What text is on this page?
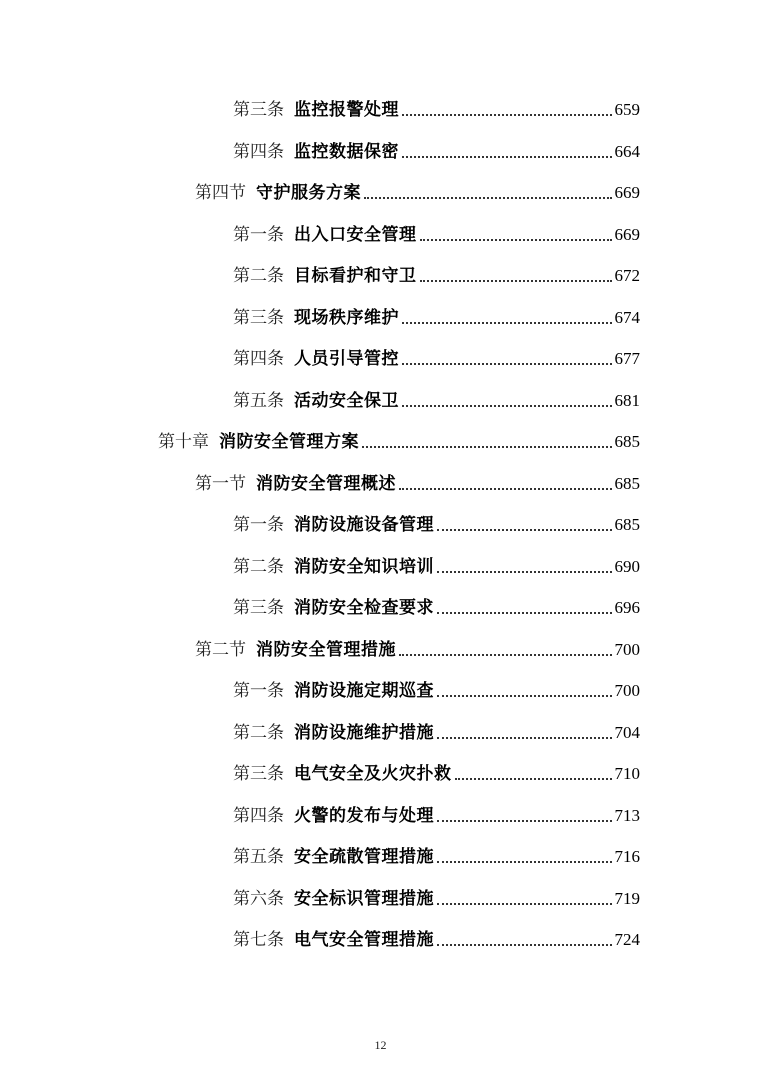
第三条 监控报警处理	659
第四条 监控数据保密	664
第四节 守护服务方案	669
第一条 出入口安全管理	669
第二条 目标看护和守卫	672
第三条 现场秩序维护	674
第四条 人员引导管控	677
第五条 活动安全保卫	681
第十章 消防安全管理方案	685
第一节 消防安全管理概述	685
第一条 消防设施设备管理	685
第二条 消防安全知识培训	690
第三条 消防安全检查要求	696
第二节 消防安全管理措施	700
第一条 消防设施定期巡查	700
第二条 消防设施维护措施	704
第三条 电气安全及火灾扑救	710
第四条 火警的发布与处理	713
第五条 安全疏散管理措施	716
第六条 安全标识管理措施	719
第七条 电气安全管理措施	724
12
